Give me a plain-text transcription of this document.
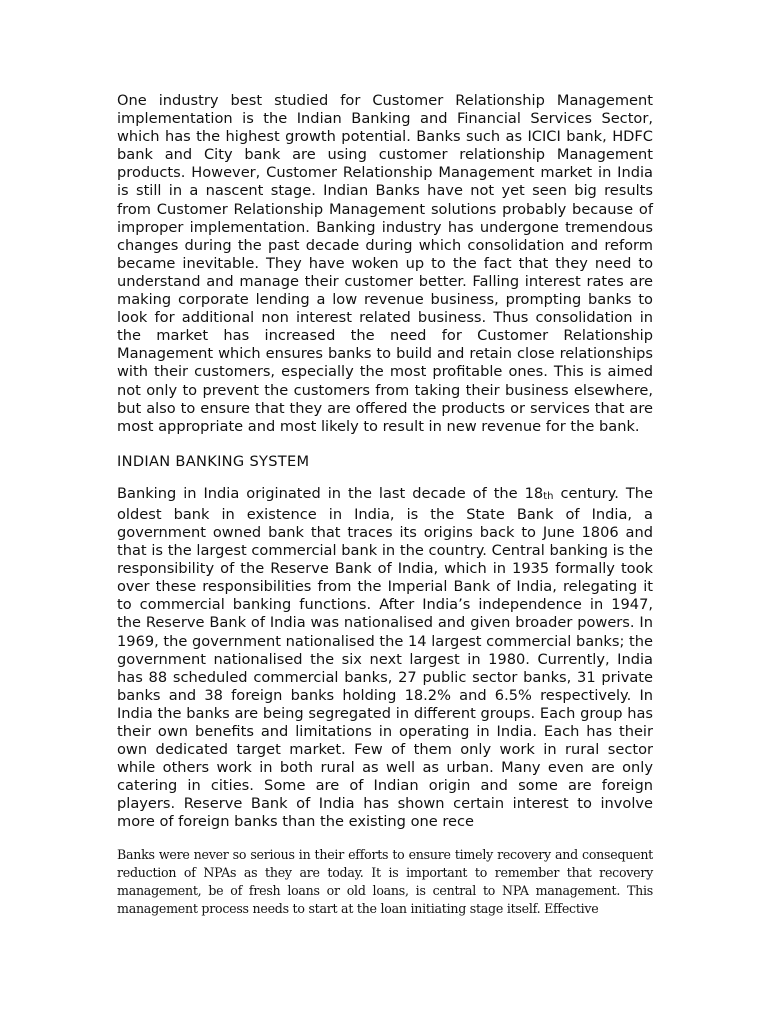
One industry best studied for Customer Relationship Management implementation is the Indian Banking and Financial Services Sector, which has the highest growth potential. Banks such as ICICI bank, HDFC bank and City bank are using customer relationship Management products. However, Customer Relationship Management market in India is still in a nascent stage. Indian Banks have not yet seen big results from Customer Relationship Management solutions probably because of improper implementation. Banking industry has undergone tremendous changes during the past decade during which consolidation and reform became inevitable. They have woken up to the fact that they need to understand and manage their customer better. Falling interest rates are making corporate lending a low revenue business, prompting banks to look for additional non interest related business. Thus consolidation in the market has increased the need for Customer Relationship Management which ensures banks to build and retain close relationships with their customers, especially the most profitable ones. This is aimed not only to prevent the customers from taking their business elsewhere, but also to ensure that they are offered the products or services that are most appropriate and most likely to result in new revenue for the bank.

INDIAN BANKING SYSTEM

Banking in India originated in the last decade of the 18th century. The oldest bank in existence in India, is the State Bank of India, a government owned bank that traces its origins back to June 1806 and that is the largest commercial bank in the country. Central banking is the responsibility of the Reserve Bank of India, which in 1935 formally took over these responsibilities from the Imperial Bank of India, relegating it to commercial banking functions. After India’s independence in 1947, the Reserve Bank of India was nationalised and given broader powers. In 1969, the government nationalised the 14 largest commercial banks; the government nationalised the six next largest in 1980. Currently, India has 88 scheduled commercial banks, 27 public sector banks, 31 private banks and 38 foreign banks holding 18.2% and 6.5% respectively. In India the banks are being segregated in different groups. Each group has their own benefits and limitations in operating in India. Each has their own dedicated target market. Few of them only work in rural sector while others work in both rural as well as urban. Many even are only catering in cities. Some are of Indian origin and some are foreign players. Reserve Bank of India has shown certain interest to involve more of foreign banks than the existing one rece

Banks were never so serious in their efforts to ensure timely recovery and consequent reduction of NPAs as they are today. It is important to remember that recovery management, be of fresh loans or old loans, is central to NPA management. This management process needs to start at the loan initiating stage itself. Effective
